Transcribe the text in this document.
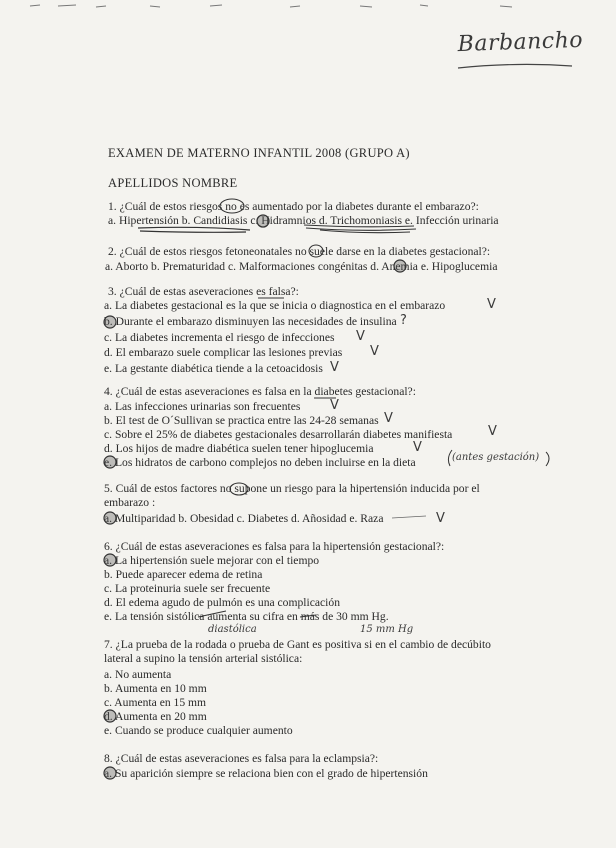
Barbancho
EXAMEN DE MATERNO INFANTIL 2008 (GRUPO A)
APELLIDOS NOMBRE
1. ¿Cuál de estos riesgos no es aumentado por la diabetes durante el embarazo?:
a. Hipertensión b. Candidiasis c. Hidramnios d. Trichomoniasis e. Infección urinaria
2. ¿Cuál de estos riesgos fetoneonatales no suele darse en la diabetes gestacional?:
a. Aborto b. Prematuridad c. Malformaciones congénitas d. Anemia e. Hipoglucemia
3. ¿Cuál de estas aseveraciones es falsa?:
a. La diabetes gestacional es la que se inicia o diagnostica en el embarazo
b. Durante el embarazo disminuyen las necesidades de insulina
c. La diabetes incrementa el riesgo de infecciones
d. El embarazo suele complicar las lesiones previas
e. La gestante diabética tiende a la cetoacidosis
4. ¿Cuál de estas aseveraciones es falsa en la diabetes gestacional?:
a. Las infecciones urinarias son frecuentes
b. El test de O´Sullivan se practica entre las 24-28 semanas
c. Sobre el 25% de diabetes gestacionales desarrollarán diabetes manifiesta
d. Los hijos de madre diabética suelen tener hipoglucemia
e. Los hidratos de carbono complejos no deben incluirse en la dieta
5. Cuál de estos factores no supone un riesgo para la hipertensión inducida por el
embarazo :
a. Multiparidad b. Obesidad c. Diabetes d. Añosidad e. Raza
6. ¿Cuál de estas aseveraciones es falsa para la hipertensión gestacional?:
a. La hipertensión suele mejorar con el tiempo
b. Puede aparecer edema de retina
c. La proteinuria suele ser frecuente
d. El edema agudo de pulmón es una complicación
e. La tensión sistólica aumenta su cifra en más de 30 mm Hg.
7. ¿La prueba de la rodada o prueba de Gant es positiva si en el cambio de decúbito
lateral a supino la tensión arterial sistólica:
a. No aumenta
b. Aumenta en 10 mm
c. Aumenta en 15 mm
d. Aumenta en 20 mm
e. Cuando se produce cualquier aumento
8. ¿Cuál de estas aseveraciones es falsa para la eclampsia?:
a. Su aparición siempre se relaciona bien con el grado de hipertensión
V
V
V
V
?
V
V
V
V
V
(antes gestación)
diastólica	15 mm Hg
